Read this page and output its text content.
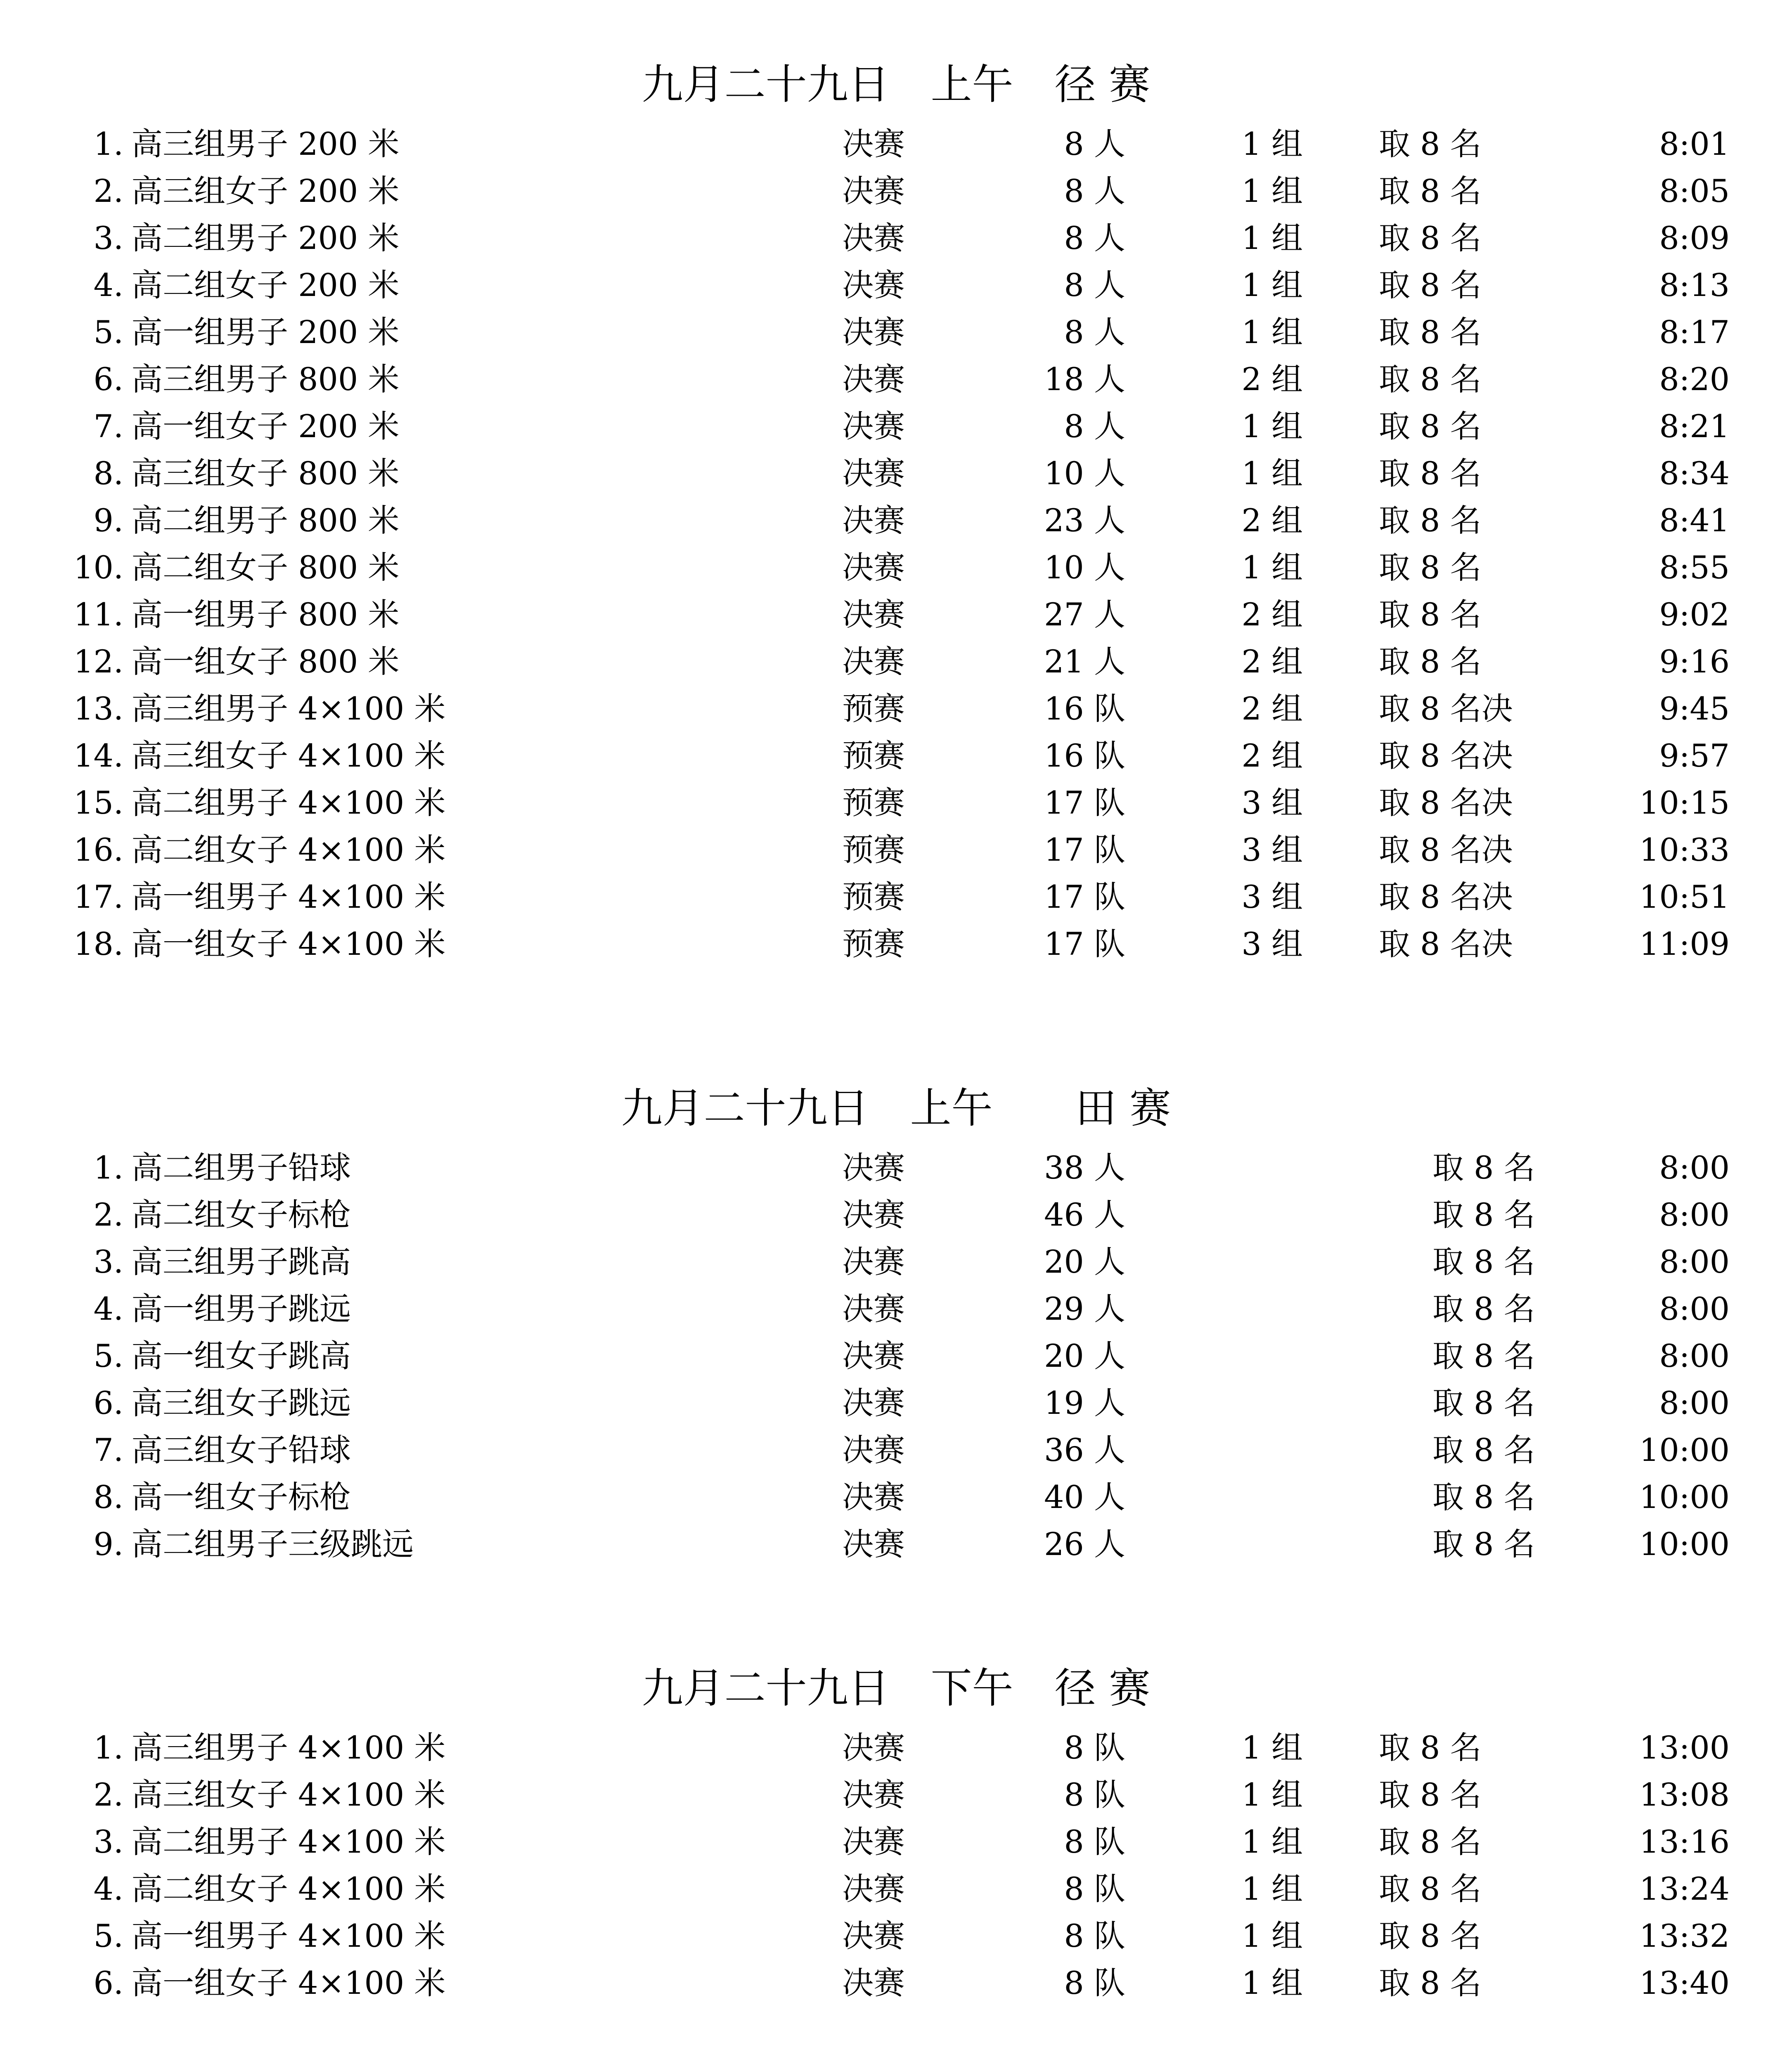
九月二十九日　上午　径 赛
1. 高三组男子 200 米	决赛	8 人	1 组 取 8 名	8:01
2. 高三组女子 200 米	决赛	8 人	1 组 取 8 名	8:05
3. 高二组男子 200 米	决赛	8 人	1 组 取 8 名	8:09
4. 高二组女子 200 米	决赛	8 人	1 组 取 8 名	8:13
5. 高一组男子 200 米	决赛	8 人	1 组 取 8 名	8:17
6. 高三组男子 800 米	决赛	18 人	2 组 取 8 名	8:20
7. 高一组女子 200 米	决赛	8 人	1 组 取 8 名	8:21
8. 高三组女子 800 米	决赛	10 人	1 组 取 8 名	8:34
9. 高二组男子 800 米	决赛	23 人	2 组 取 8 名	8:41
10. 高二组女子 800 米	决赛	10 人	1 组 取 8 名	8:55
11. 高一组男子 800 米	决赛	27 人	2 组 取 8 名	9:02
12. 高一组女子 800 米	决赛	21 人	2 组 取 8 名	9:16
13. 高三组男子 4×100 米	预赛	16 队	2 组 取 8 名决	9:45
14. 高三组女子 4×100 米	预赛	16 队	2 组 取 8 名决	9:57
15. 高二组男子 4×100 米	预赛	17 队	3 组 取 8 名决	10:15
16. 高二组女子 4×100 米	预赛	17 队	3 组 取 8 名决	10:33
17. 高一组男子 4×100 米	预赛	17 队	3 组 取 8 名决	10:51
18. 高一组女子 4×100 米	预赛	17 队	3 组 取 8 名决	11:09
九月二十九日　上午　　田 赛
1. 高二组男子铅球	决赛	38 人	取 8 名	8:00
2. 高二组女子标枪	决赛	46 人	取 8 名	8:00
3. 高三组男子跳高	决赛	20 人	取 8 名	8:00
4. 高一组男子跳远	决赛	29 人	取 8 名	8:00
5. 高一组女子跳高	决赛	20 人	取 8 名	8:00
6. 高三组女子跳远	决赛	19 人	取 8 名	8:00
7. 高三组女子铅球	决赛	36 人	取 8 名	10:00
8. 高一组女子标枪	决赛	40 人	取 8 名	10:00
9. 高二组男子三级跳远	决赛	26 人	取 8 名	10:00
九月二十九日　下午　径 赛
1. 高三组男子 4×100 米	决赛	8 队	1 组 取 8 名	13:00
2. 高三组女子 4×100 米	决赛	8 队	1 组 取 8 名	13:08
3. 高二组男子 4×100 米	决赛	8 队	1 组 取 8 名	13:16
4. 高二组女子 4×100 米	决赛	8 队	1 组 取 8 名	13:24
5. 高一组男子 4×100 米	决赛	8 队	1 组 取 8 名	13:32
6. 高一组女子 4×100 米	决赛	8 队	1 组 取 8 名	13:40
